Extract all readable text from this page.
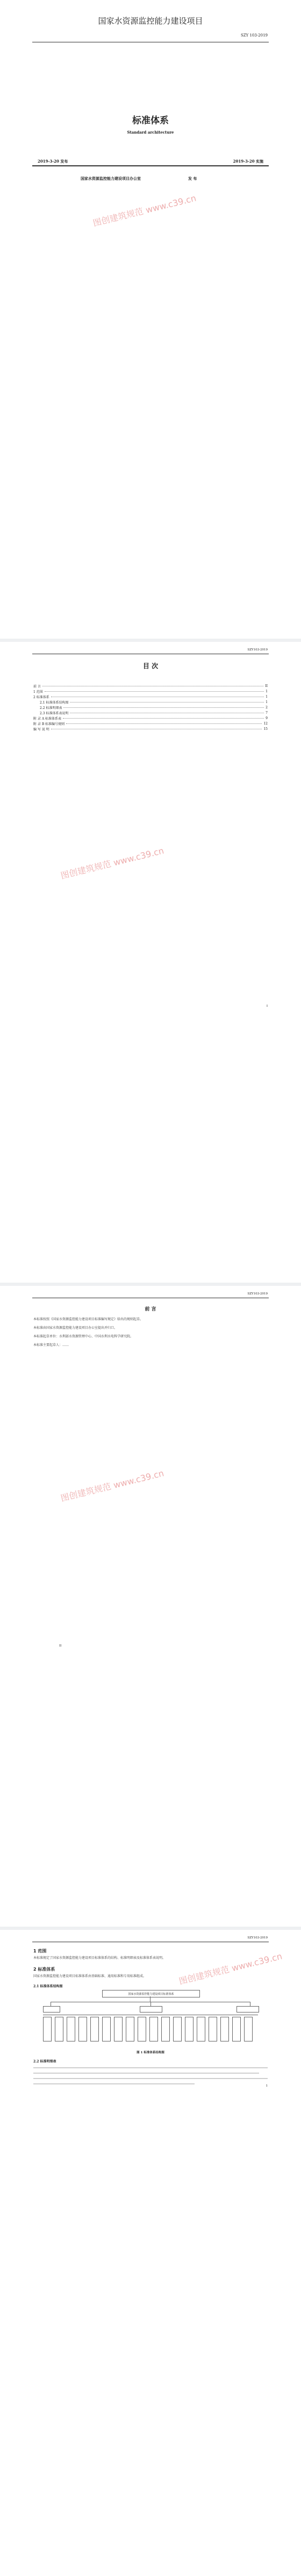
国家水资源监控能力建设项目
SZY 103-2019
标准体系
Standard architecture
2019-3-20 发布	2019-3-20 实施
国家水资源监控能力建设项目办公室	发 布
图创建筑规范 www.c39.cn
SZY103-2019
目 次
前 言	II
1 范围	1
2 标准体系	1
2.1 标准体系结构图	1
2.2 标准明细表	2
2.3 标准体系表说明	7
附 录 A 标准体系表	9
附 录 B 标准编号规则	12
编 写 说 明	15
图创建筑规范 www.c39.cn
I
SZY103-2019
前 言
本标准按照《国家水资源监控能力建设项目标准编写规定》给出的规则起草。
本标准由国家水资源监控能力建设项目办公室提出并归口。
本标准起草单位：水利部水资源管理中心、中国水利水电科学研究院。
本标准主要起草人：……
图创建筑规范 www.c39.cn
II
SZY103-2019
1 范围
本标准规定了国家水资源监控能力建设项目标准体系的结构、标准明细表及标准体系表说明。
2 标准体系
国家水资源监控能力建设项目标准体系由基础标准、通用标准和专用标准组成。
2.1 标准体系结构图	图创建筑规范 www.c39.cn
国家水资源监控能力建设项目标准体系
图 1 标准体系结构图
2.2 标准明细表
1
